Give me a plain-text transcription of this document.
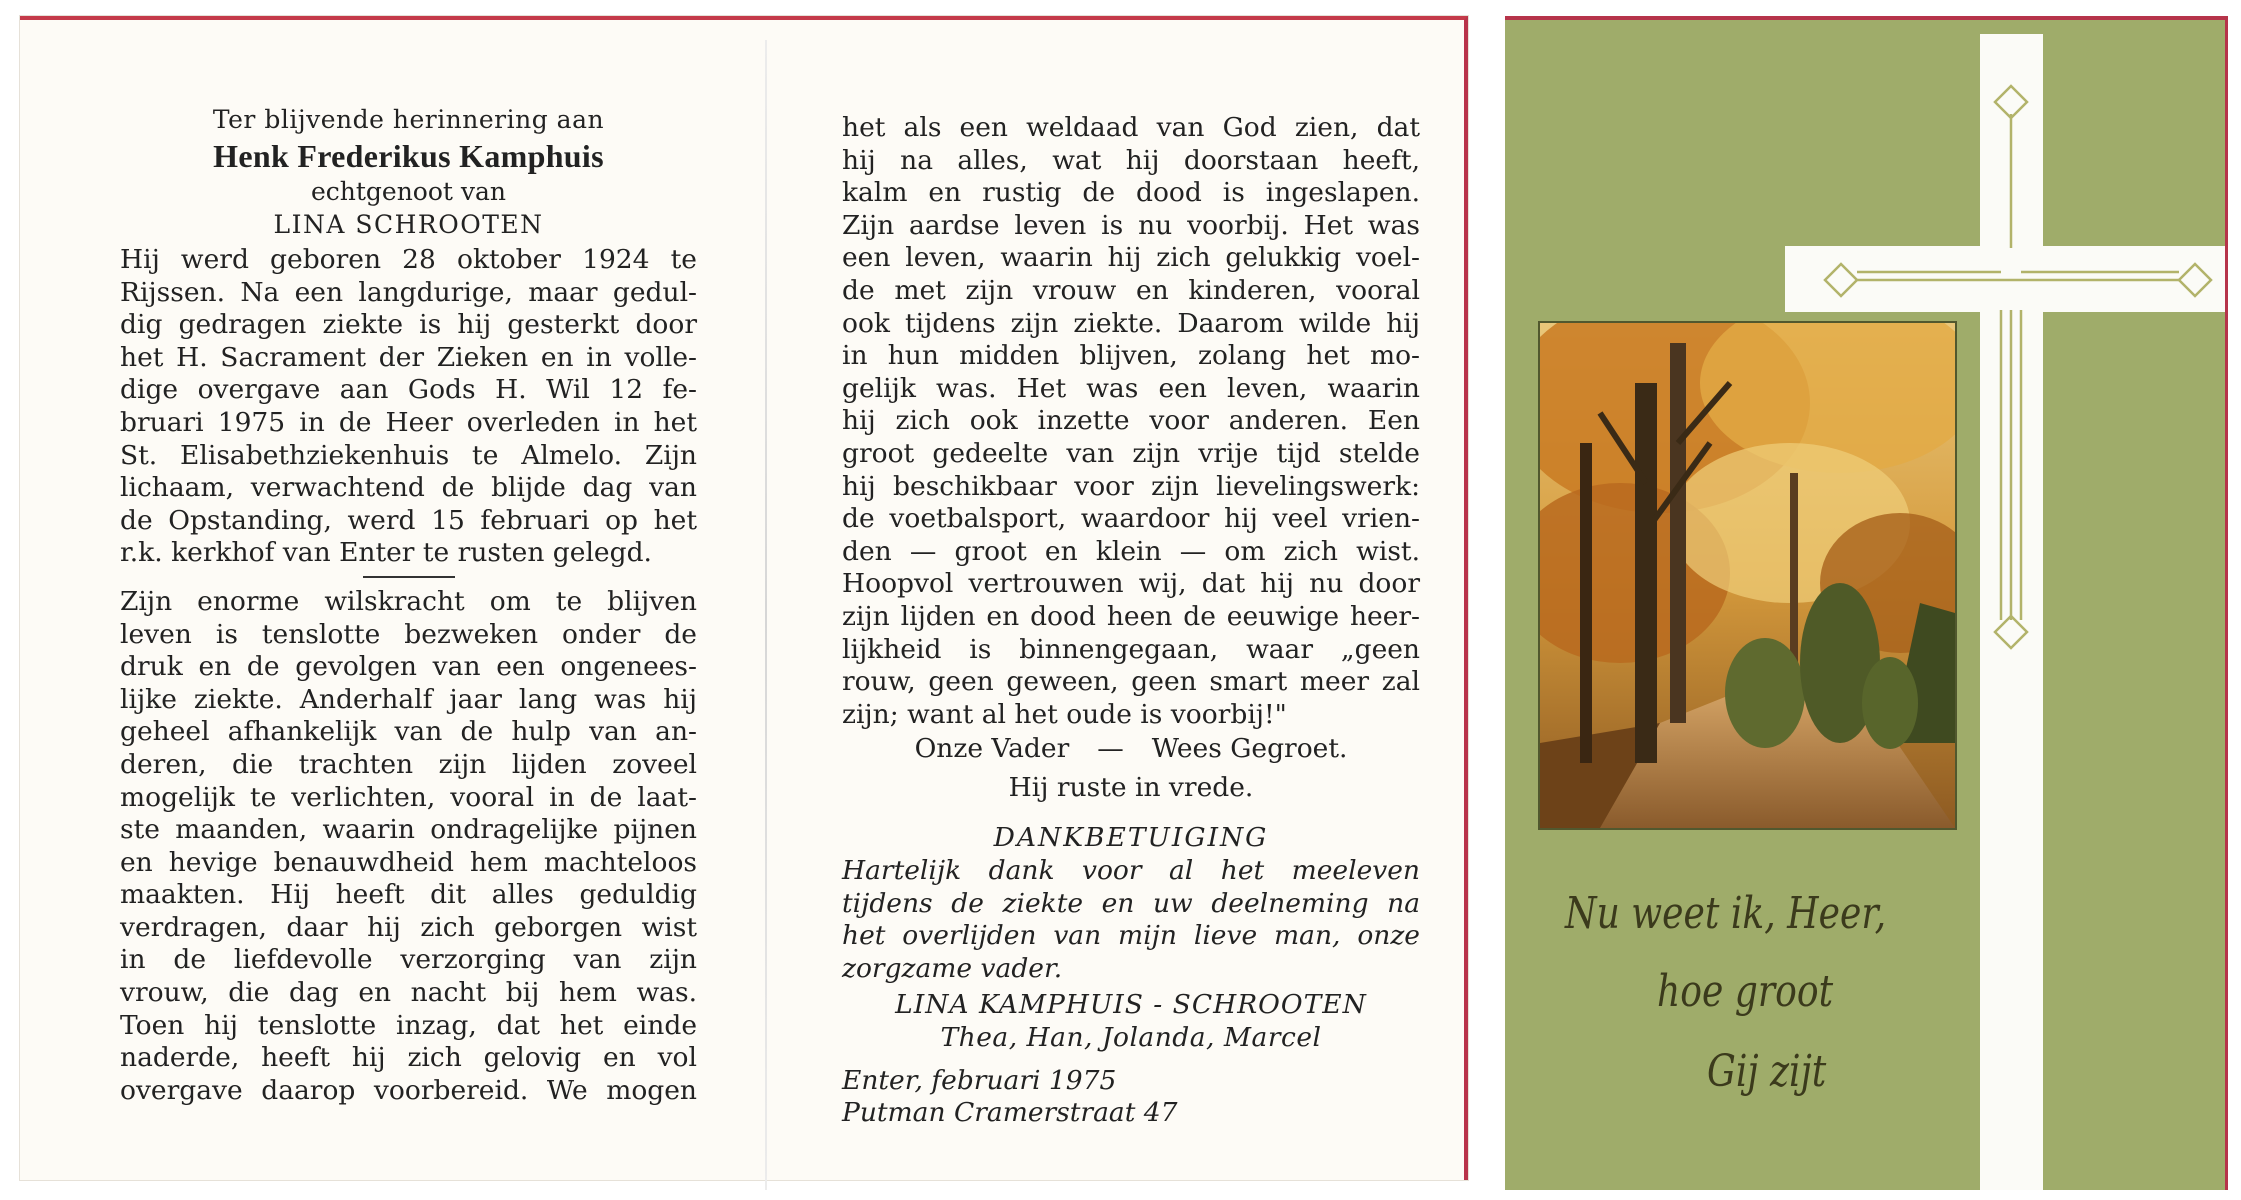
Ter blijvende herinnering aan

Henk Frederikus Kamphuis

echtgenoot van

LINA SCHROOTEN

Hij werd geboren 28 oktober 1924 te

Rijssen. Na een langdurige, maar gedul-

dig gedragen ziekte is hij gesterkt door

het H. Sacrament der Zieken en in volle-

dige overgave aan Gods H. Wil 12 fe-

bruari 1975 in de Heer overleden in het

St. Elisabethziekenhuis te Almelo. Zijn

lichaam, verwachtend de blijde dag van

de Opstanding, werd 15 februari op het

r.k. kerkhof van Enter te rusten gelegd.

Zijn enorme wilskracht om te blijven

leven is tenslotte bezweken onder de

druk en de gevolgen van een ongenees-

lijke ziekte. Anderhalf jaar lang was hij

geheel afhankelijk van de hulp van an-

deren, die trachten zijn lijden zoveel

mogelijk te verlichten, vooral in de laat-

ste maanden, waarin ondragelijke pijnen

en hevige benauwdheid hem machteloos

maakten. Hij heeft dit alles geduldig

verdragen, daar hij zich geborgen wist

in de liefdevolle verzorging van zijn

vrouw, die dag en nacht bij hem was.

Toen hij tenslotte inzag, dat het einde

naderde, heeft hij zich gelovig en vol

overgave daarop voorbereid. We mogen

het als een weldaad van God zien, dat

hij na alles, wat hij doorstaan heeft,

kalm en rustig de dood is ingeslapen.

Zijn aardse leven is nu voorbij. Het was

een leven, waarin hij zich gelukkig voel-

de met zijn vrouw en kinderen, vooral

ook tijdens zijn ziekte. Daarom wilde hij

in hun midden blijven, zolang het mo-

gelijk was. Het was een leven, waarin

hij zich ook inzette voor anderen. Een

groot gedeelte van zijn vrije tijd stelde

hij beschikbaar voor zijn lievelingswerk:

de voetbalsport, waardoor hij veel vrien-

den — groot en klein — om zich wist.

Hoopvol vertrouwen wij, dat hij nu door

zijn lijden en dood heen de eeuwige heer-

lijkheid is binnengegaan, waar „geen

rouw, geen geween, geen smart meer zal

zijn; want al het oude is voorbij!"

Onze Vader — Wees Gegroet.

Hij ruste in vrede.

DANKBETUIGING

Hartelijk dank voor al het meeleven

tijdens de ziekte en uw deelneming na

het overlijden van mijn lieve man, onze

zorgzame vader.

LINA KAMPHUIS - SCHROOTEN

Thea, Han, Jolanda, Marcel

Enter, februari 1975

Putman Cramerstraat 47

Nu weet ik, Heer,
hoe groot
Gij zijt
